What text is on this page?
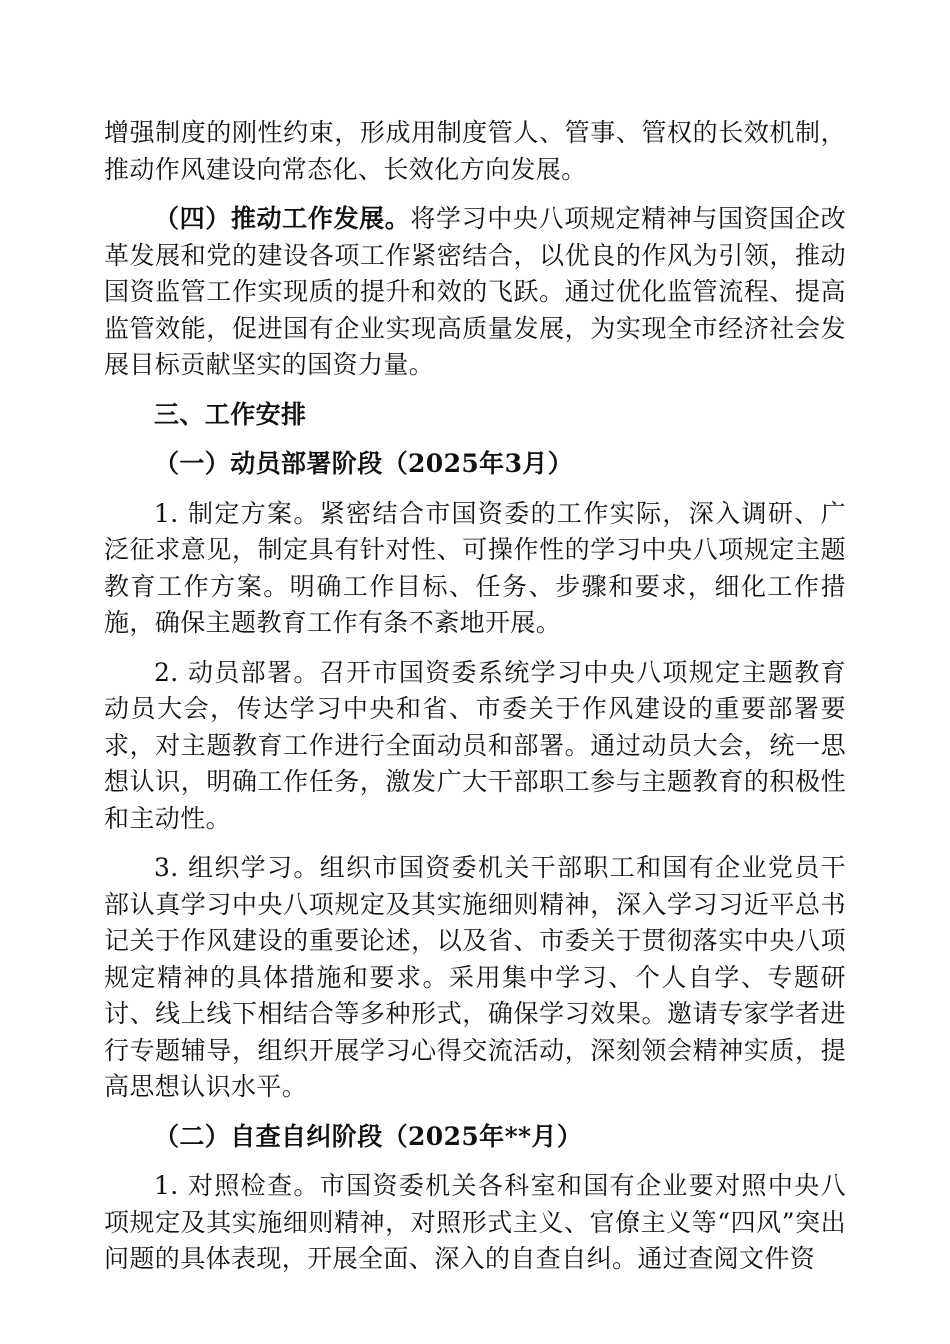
增强制度的刚性约束，形成用制度管人、管事、管权的长效机制，推动作风建设向常态化、长效化方向发展。

（四）推动工作发展。将学习中央八项规定精神与国资国企改革发展和党的建设各项工作紧密结合，以优良的作风为引领，推动国资监管工作实现质的提升和效的飞跃。通过优化监管流程、提高监管效能，促进国有企业实现高质量发展，为实现全市经济社会发展目标贡献坚实的国资力量。

三、工作安排

（一）动员部署阶段（2025年3月）

1. 制定方案。紧密结合市国资委的工作实际，深入调研、广泛征求意见，制定具有针对性、可操作性的学习中央八项规定主题教育工作方案。明确工作目标、任务、步骤和要求，细化工作措施，确保主题教育工作有条不紊地开展。

2. 动员部署。召开市国资委系统学习中央八项规定主题教育动员大会，传达学习中央和省、市委关于作风建设的重要部署要求，对主题教育工作进行全面动员和部署。通过动员大会，统一思想认识，明确工作任务，激发广大干部职工参与主题教育的积极性和主动性。

3. 组织学习。组织市国资委机关干部职工和国有企业党员干部认真学习中央八项规定及其实施细则精神，深入学习习近平总书记关于作风建设的重要论述，以及省、市委关于贯彻落实中央八项规定精神的具体措施和要求。采用集中学习、个人自学、专题研讨、线上线下相结合等多种形式，确保学习效果。邀请专家学者进行专题辅导，组织开展学习心得交流活动，深刻领会精神实质，提高思想认识水平。

（二）自查自纠阶段（2025年**月）

1. 对照检查。市国资委机关各科室和国有企业要对照中央八项规定及其实施细则精神，对照形式主义、官僚主义等“四风”突出问题的具体表现，开展全面、深入的自查自纠。通过查阅文件资
